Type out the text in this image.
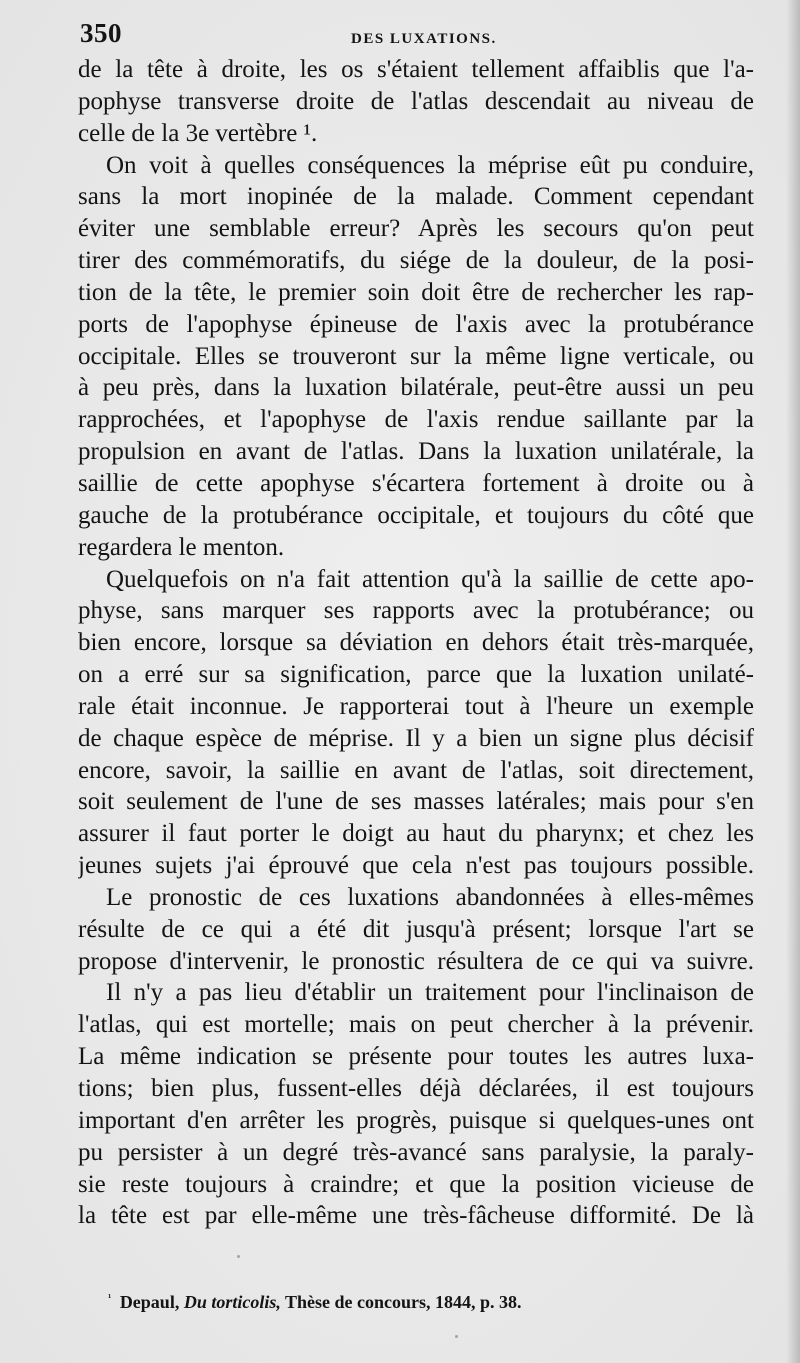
350	DES LUXATIONS.
de la tête à droite, les os s'étaient tellement affaiblis que l'a-
pophyse transverse droite de l'atlas descendait au niveau de
celle de la 3e vertèbre ¹.
On voit à quelles conséquences la méprise eût pu conduire,
sans la mort inopinée de la malade. Comment cependant
éviter une semblable erreur? Après les secours qu'on peut
tirer des commémoratifs, du siége de la douleur, de la posi-
tion de la tête, le premier soin doit être de rechercher les rap-
ports de l'apophyse épineuse de l'axis avec la protubérance
occipitale. Elles se trouveront sur la même ligne verticale, ou
à peu près, dans la luxation bilatérale, peut-être aussi un peu
rapprochées, et l'apophyse de l'axis rendue saillante par la
propulsion en avant de l'atlas. Dans la luxation unilatérale, la
saillie de cette apophyse s'écartera fortement à droite ou à
gauche de la protubérance occipitale, et toujours du côté que
regardera le menton.
Quelquefois on n'a fait attention qu'à la saillie de cette apo-
physe, sans marquer ses rapports avec la protubérance; ou
bien encore, lorsque sa déviation en dehors était très-marquée,
on a erré sur sa signification, parce que la luxation unilaté-
rale était inconnue. Je rapporterai tout à l'heure un exemple
de chaque espèce de méprise. Il y a bien un signe plus décisif
encore, savoir, la saillie en avant de l'atlas, soit directement,
soit seulement de l'une de ses masses latérales; mais pour s'en
assurer il faut porter le doigt au haut du pharynx; et chez les
jeunes sujets j'ai éprouvé que cela n'est pas toujours possible.
Le pronostic de ces luxations abandonnées à elles-mêmes
résulte de ce qui a été dit jusqu'à présent; lorsque l'art se
propose d'intervenir, le pronostic résultera de ce qui va suivre.
Il n'y a pas lieu d'établir un traitement pour l'inclinaison de
l'atlas, qui est mortelle; mais on peut chercher à la prévenir.
La même indication se présente pour toutes les autres luxa-
tions; bien plus, fussent-elles déjà déclarées, il est toujours
important d'en arrêter les progrès, puisque si quelques-unes ont
pu persister à un degré très-avancé sans paralysie, la paraly-
sie reste toujours à craindre; et que la position vicieuse de
la tête est par elle-même une très-fâcheuse difformité. De là
$^{^1}$ Depaul, Du torticolis, Thèse de concours, 1844, p. 38.
